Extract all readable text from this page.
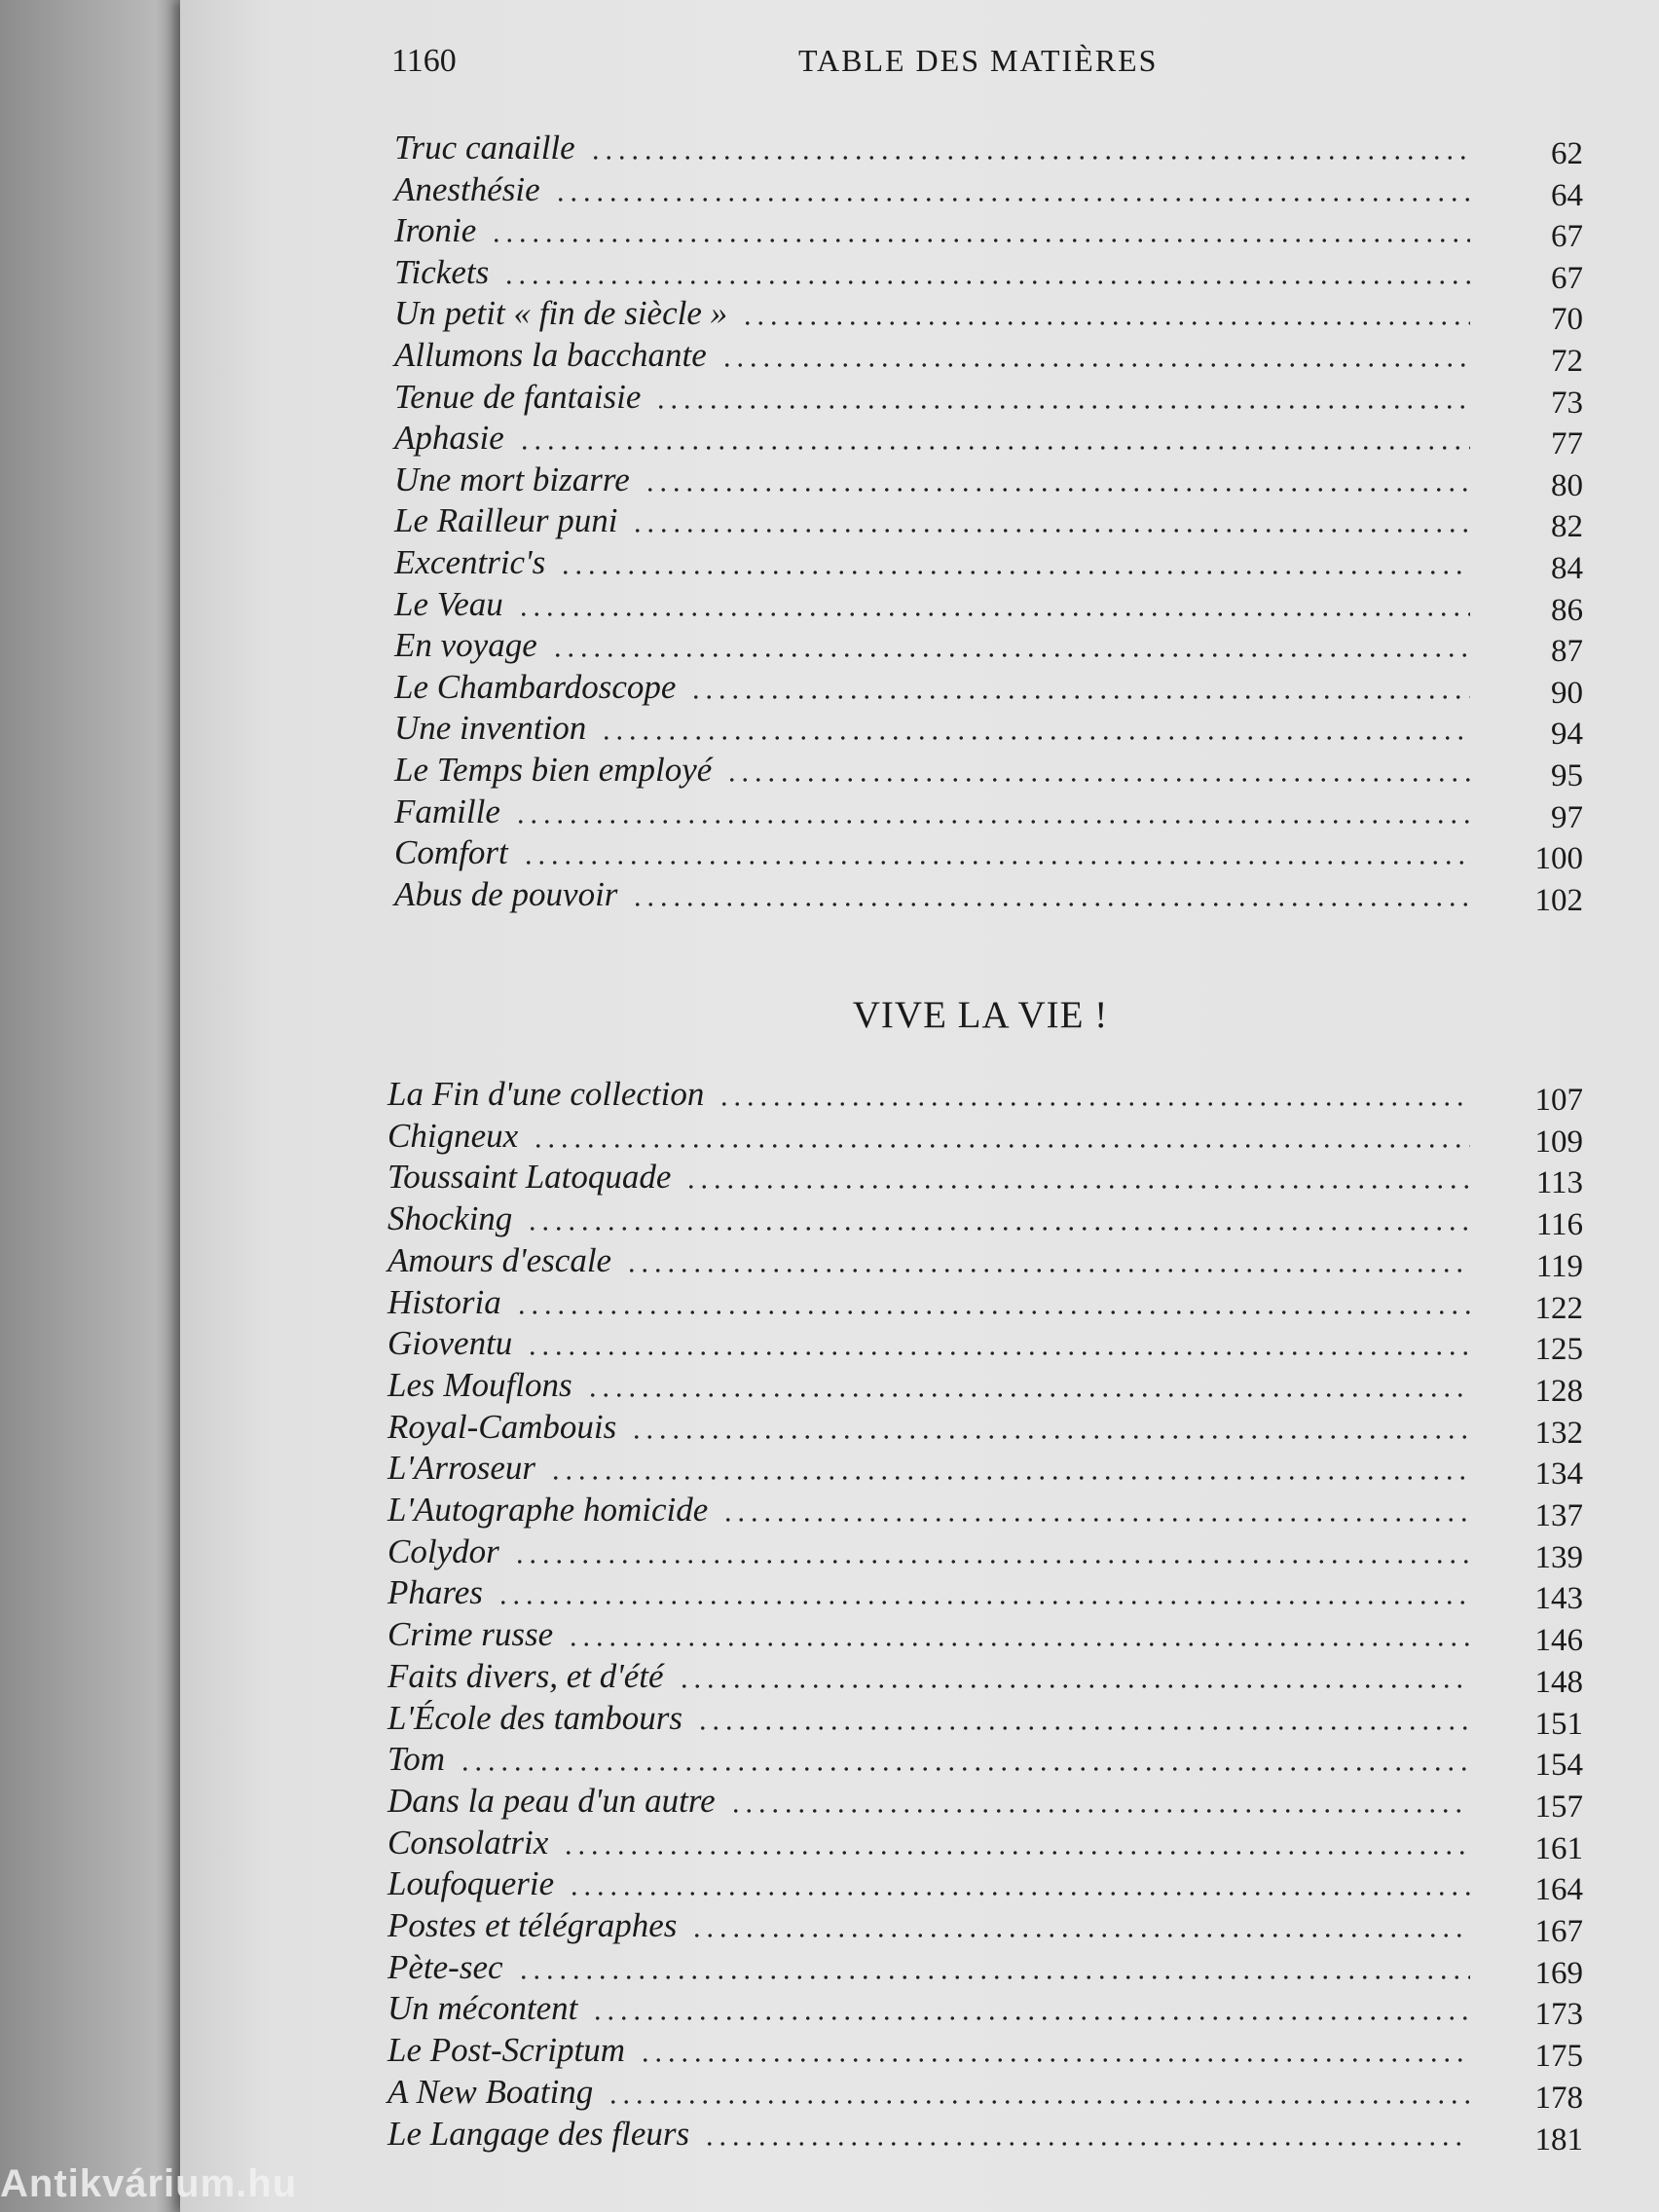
1160	TABLE DES MATIÈRES
Truc canaille	62
Anesthésie	64
Ironie	67
Tickets	67
Un petit « fin de siècle »	70
Allumons la bacchante	72
Tenue de fantaisie	73
Aphasie	77
Une mort bizarre	80
Le Railleur puni	82
Excentric's	84
Le Veau	86
En voyage	87
Le Chambardoscope	90
Une invention	94
Le Temps bien employé	95
Famille	97
Comfort	100
Abus de pouvoir	102
VIVE LA VIE !
La Fin d'une collection	107
Chigneux	109
Toussaint Latoquade	113
Shocking	116
Amours d'escale	119
Historia	122
Gioventu	125
Les Mouflons	128
Royal-Cambouis	132
L'Arroseur	134
L'Autographe homicide	137
Colydor	139
Phares	143
Crime russe	146
Faits divers, et d'été	148
L'École des tambours	151
Tom	154
Dans la peau d'un autre	157
Consolatrix	161
Loufoquerie	164
Postes et télégraphes	167
Pète-sec	169
Un mécontent	173
Le Post-Scriptum	175
A New Boating	178
Le Langage des fleurs	181
Antikvárium.hu
